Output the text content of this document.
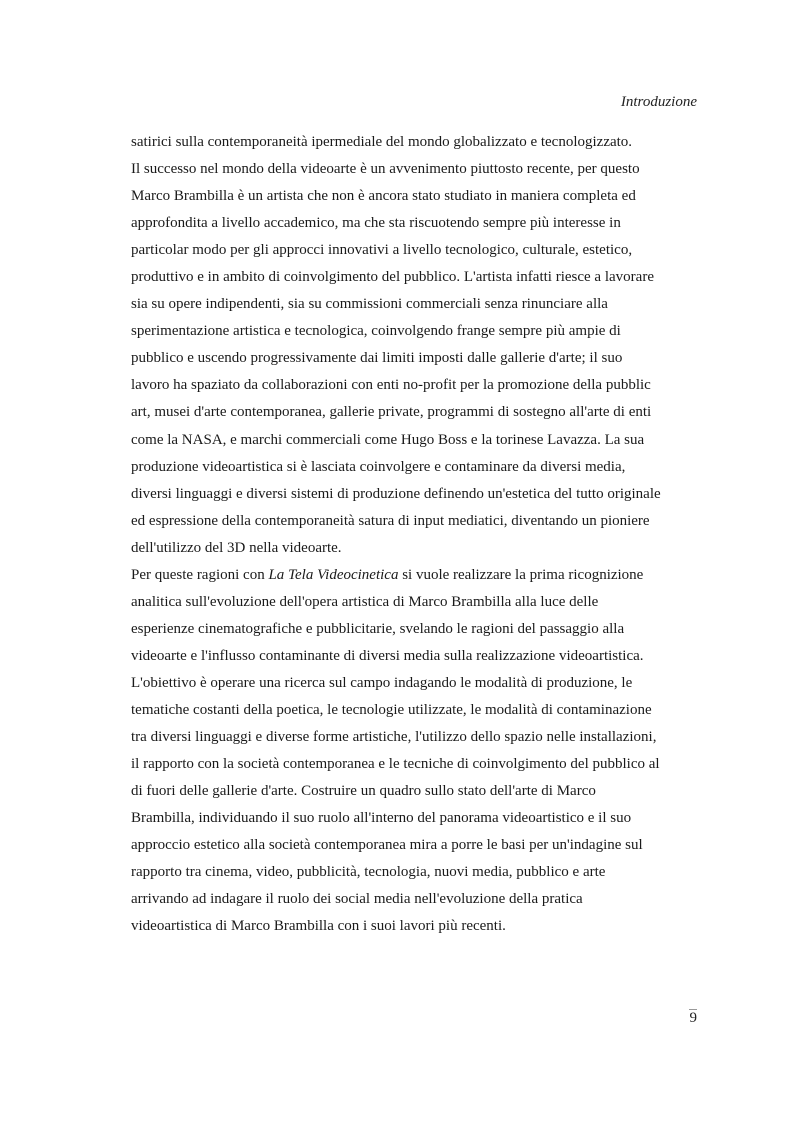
Introduzione
satirici sulla contemporaneità ipermediale del mondo globalizzato e tecnologizzato.
Il successo nel mondo della videoarte è un avvenimento piuttosto recente, per questo
Marco Brambilla è un artista che non è ancora stato studiato in maniera completa ed
approfondita a livello accademico, ma che sta riscuotendo sempre più interesse in
particolar modo per gli approcci innovativi a livello tecnologico, culturale, estetico,
produttivo e in ambito di coinvolgimento del pubblico. L'artista infatti riesce a lavorare
sia su opere indipendenti, sia su commissioni commerciali senza rinunciare alla
sperimentazione artistica e tecnologica, coinvolgendo frange sempre più ampie di
pubblico e uscendo progressivamente dai limiti imposti dalle gallerie d'arte; il suo
lavoro ha spaziato da collaborazioni con enti no-profit per la promozione della pubblic
art, musei d'arte contemporanea, gallerie private, programmi di sostegno all'arte di enti
come la NASA, e marchi commerciali come Hugo Boss e la torinese Lavazza. La sua
produzione videoartistica si è lasciata coinvolgere e contaminare da diversi media,
diversi linguaggi e diversi sistemi di produzione definendo un'estetica del tutto originale
ed espressione della contemporaneità satura di input mediatici, diventando un pioniere
dell'utilizzo del 3D nella videoarte.
Per queste ragioni con La Tela Videocinetica si vuole realizzare la prima ricognizione
analitica sull'evoluzione dell'opera artistica di Marco Brambilla alla luce delle
esperienze cinematografiche e pubblicitarie, svelando le ragioni del passaggio alla
videoarte e l'influsso contaminante di diversi media sulla realizzazione videoartistica.
L'obiettivo è operare una ricerca sul campo indagando le modalità di produzione, le
tematiche costanti della poetica, le tecnologie utilizzate, le modalità di contaminazione
tra diversi linguaggi e diverse forme artistiche, l'utilizzo dello spazio nelle installazioni,
il rapporto con la società contemporanea e le tecniche di coinvolgimento del pubblico al
di fuori delle gallerie d'arte. Costruire un quadro sullo stato dell'arte di Marco
Brambilla, individuando il suo ruolo all'interno del panorama videoartistico e il suo
approccio estetico alla società contemporanea mira a porre le basi per un'indagine sul
rapporto tra cinema, video, pubblicità, tecnologia, nuovi media, pubblico e arte
arrivando ad indagare il ruolo dei social media nell'evoluzione della pratica
videoartistica di Marco Brambilla con i suoi lavori più recenti.
9
